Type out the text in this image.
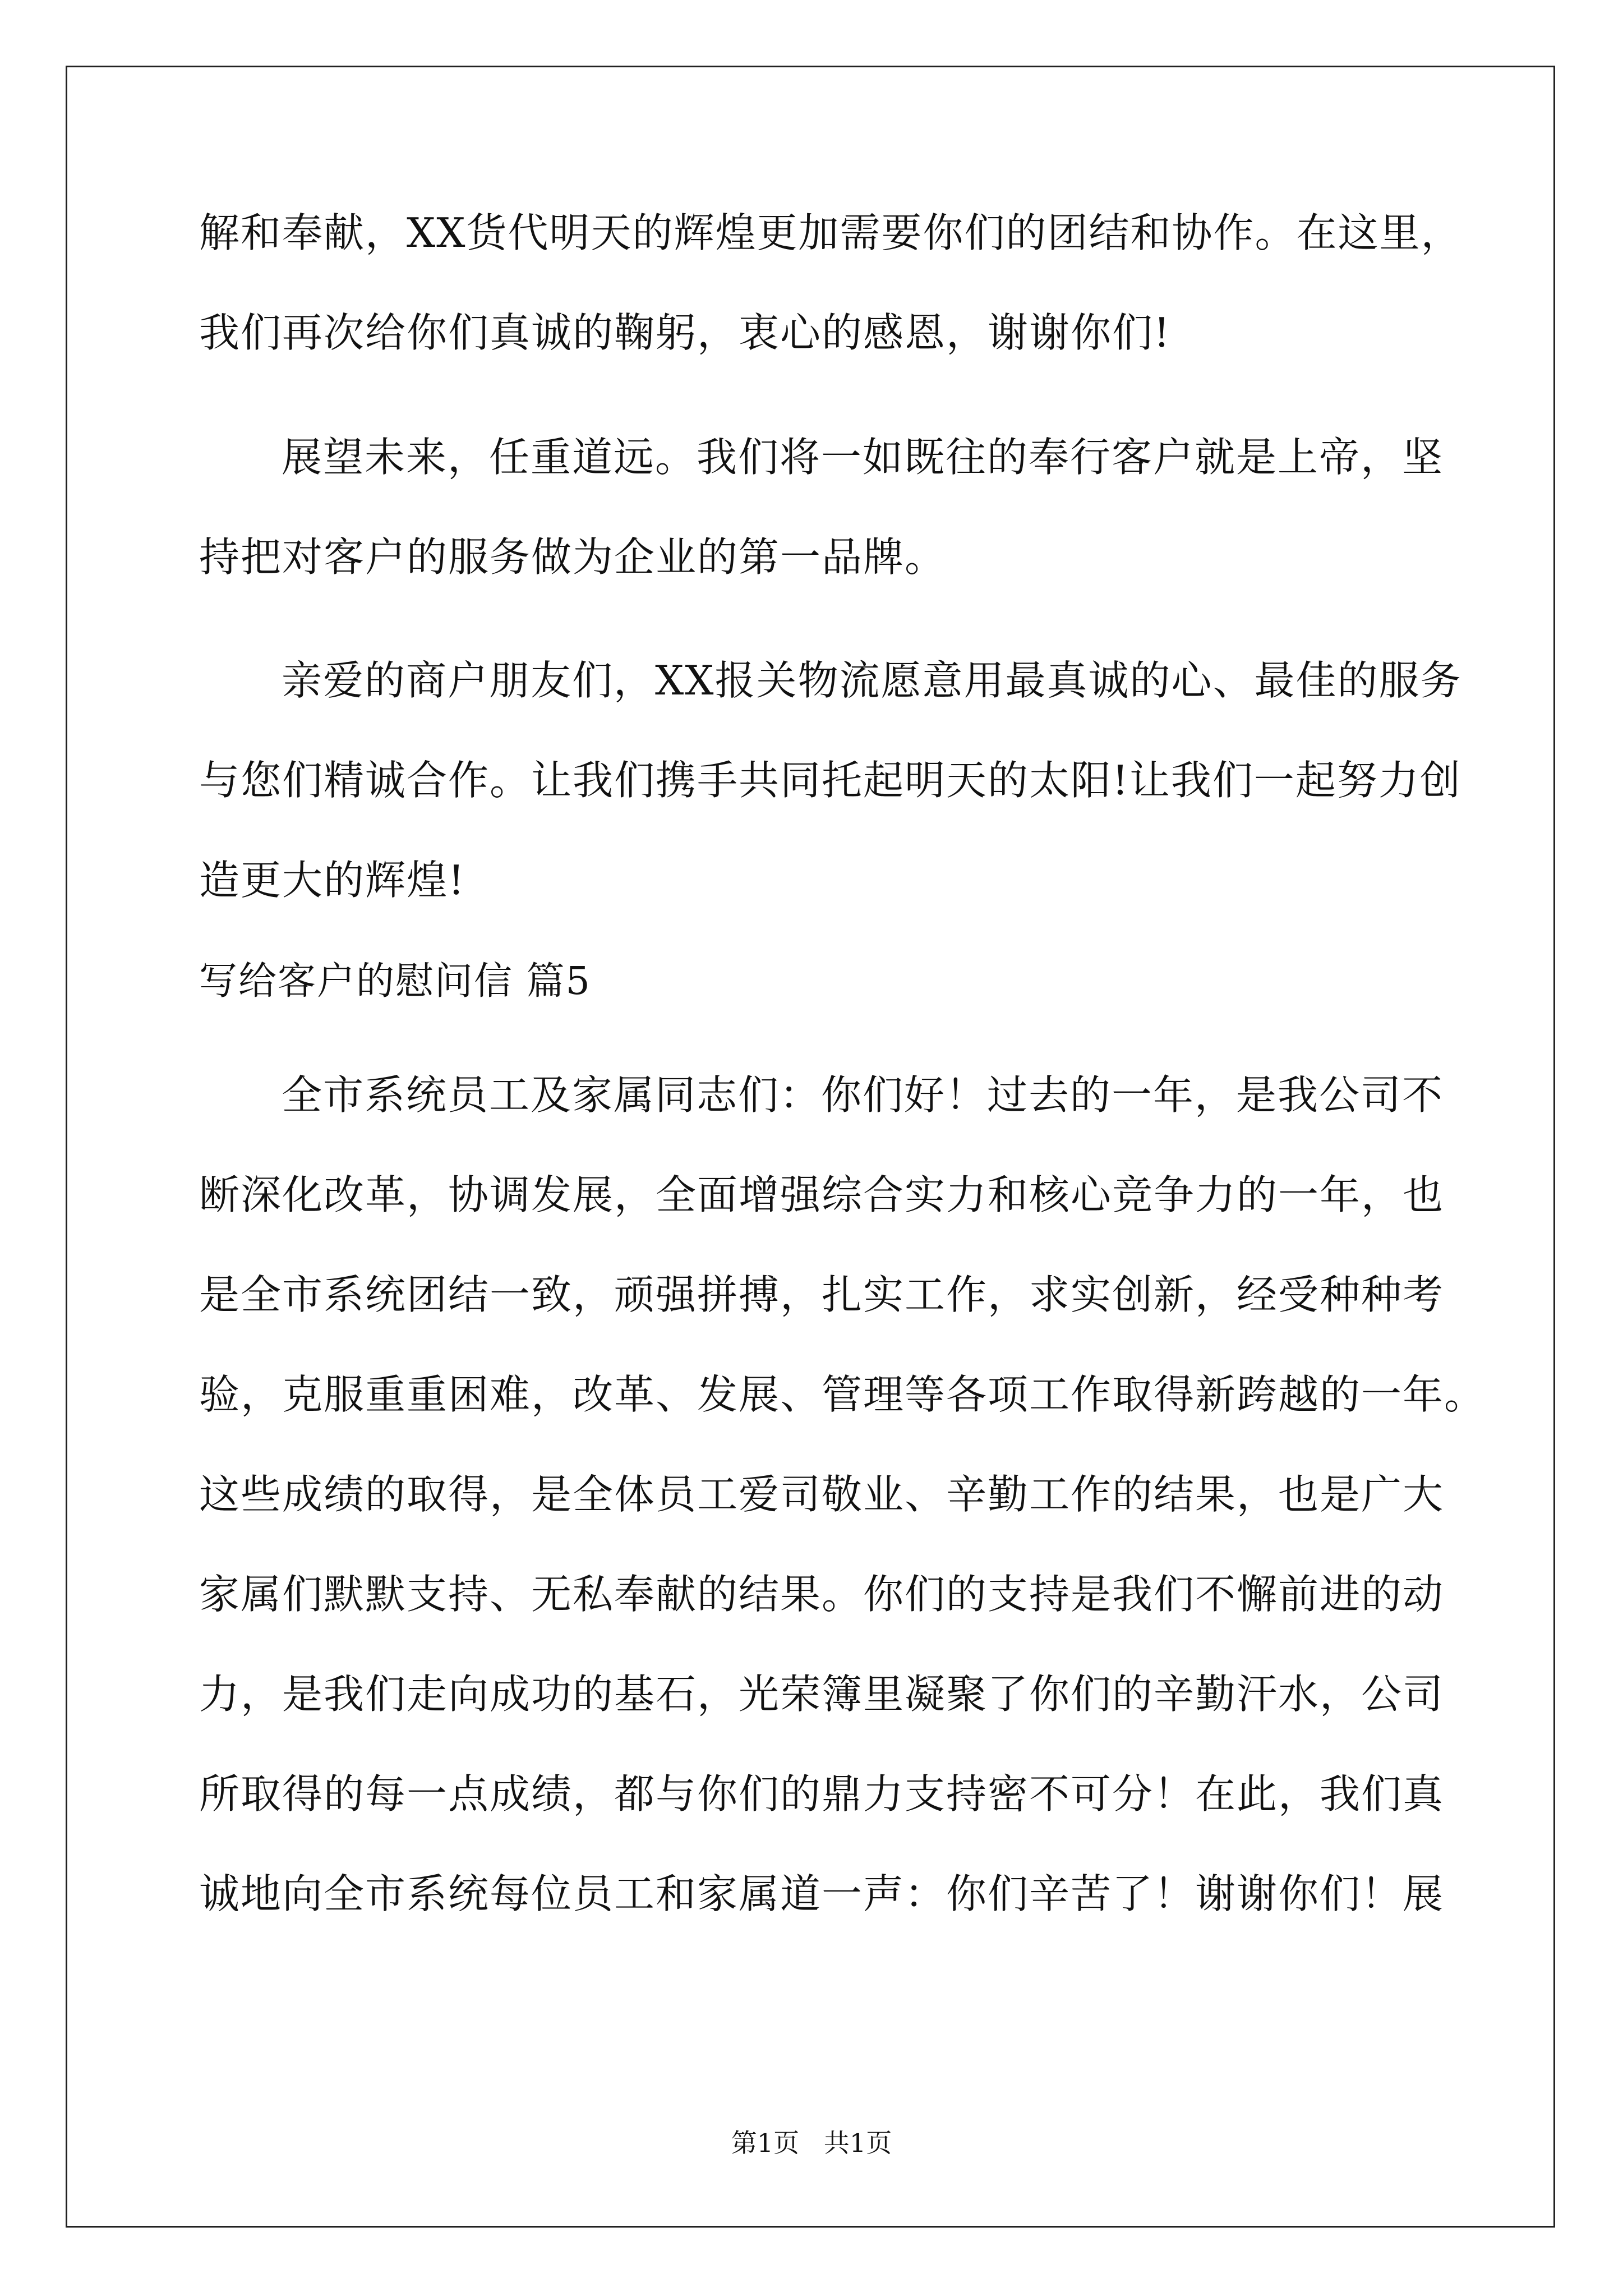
解和奉献，XX货代明天的辉煌更加需要你们的团结和协作。在这里，
我们再次给你们真诚的鞠躬，衷心的感恩，谢谢你们!
展望未来，任重道远。我们将一如既往的奉行客户就是上帝，坚
持把对客户的服务做为企业的第一品牌。
亲爱的商户朋友们，XX报关物流愿意用最真诚的心、最佳的服务
与您们精诚合作。让我们携手共同托起明天的太阳!让我们一起努力创
造更大的辉煌!
写给客户的慰问信 篇5
全市系统员工及家属同志们：你们好！过去的一年，是我公司不
断深化改革，协调发展，全面增强综合实力和核心竞争力的一年，也
是全市系统团结一致，顽强拼搏，扎实工作，求实创新，经受种种考
验，克服重重困难，改革、发展、管理等各项工作取得新跨越的一年。
这些成绩的取得，是全体员工爱司敬业、辛勤工作的结果，也是广大
家属们默默支持、无私奉献的结果。你们的支持是我们不懈前进的动
力，是我们走向成功的基石，光荣簿里凝聚了你们的辛勤汗水，公司
所取得的每一点成绩，都与你们的鼎力支持密不可分！在此，我们真
诚地向全市系统每位员工和家属道一声：你们辛苦了！谢谢你们！展
第1页   共1页
